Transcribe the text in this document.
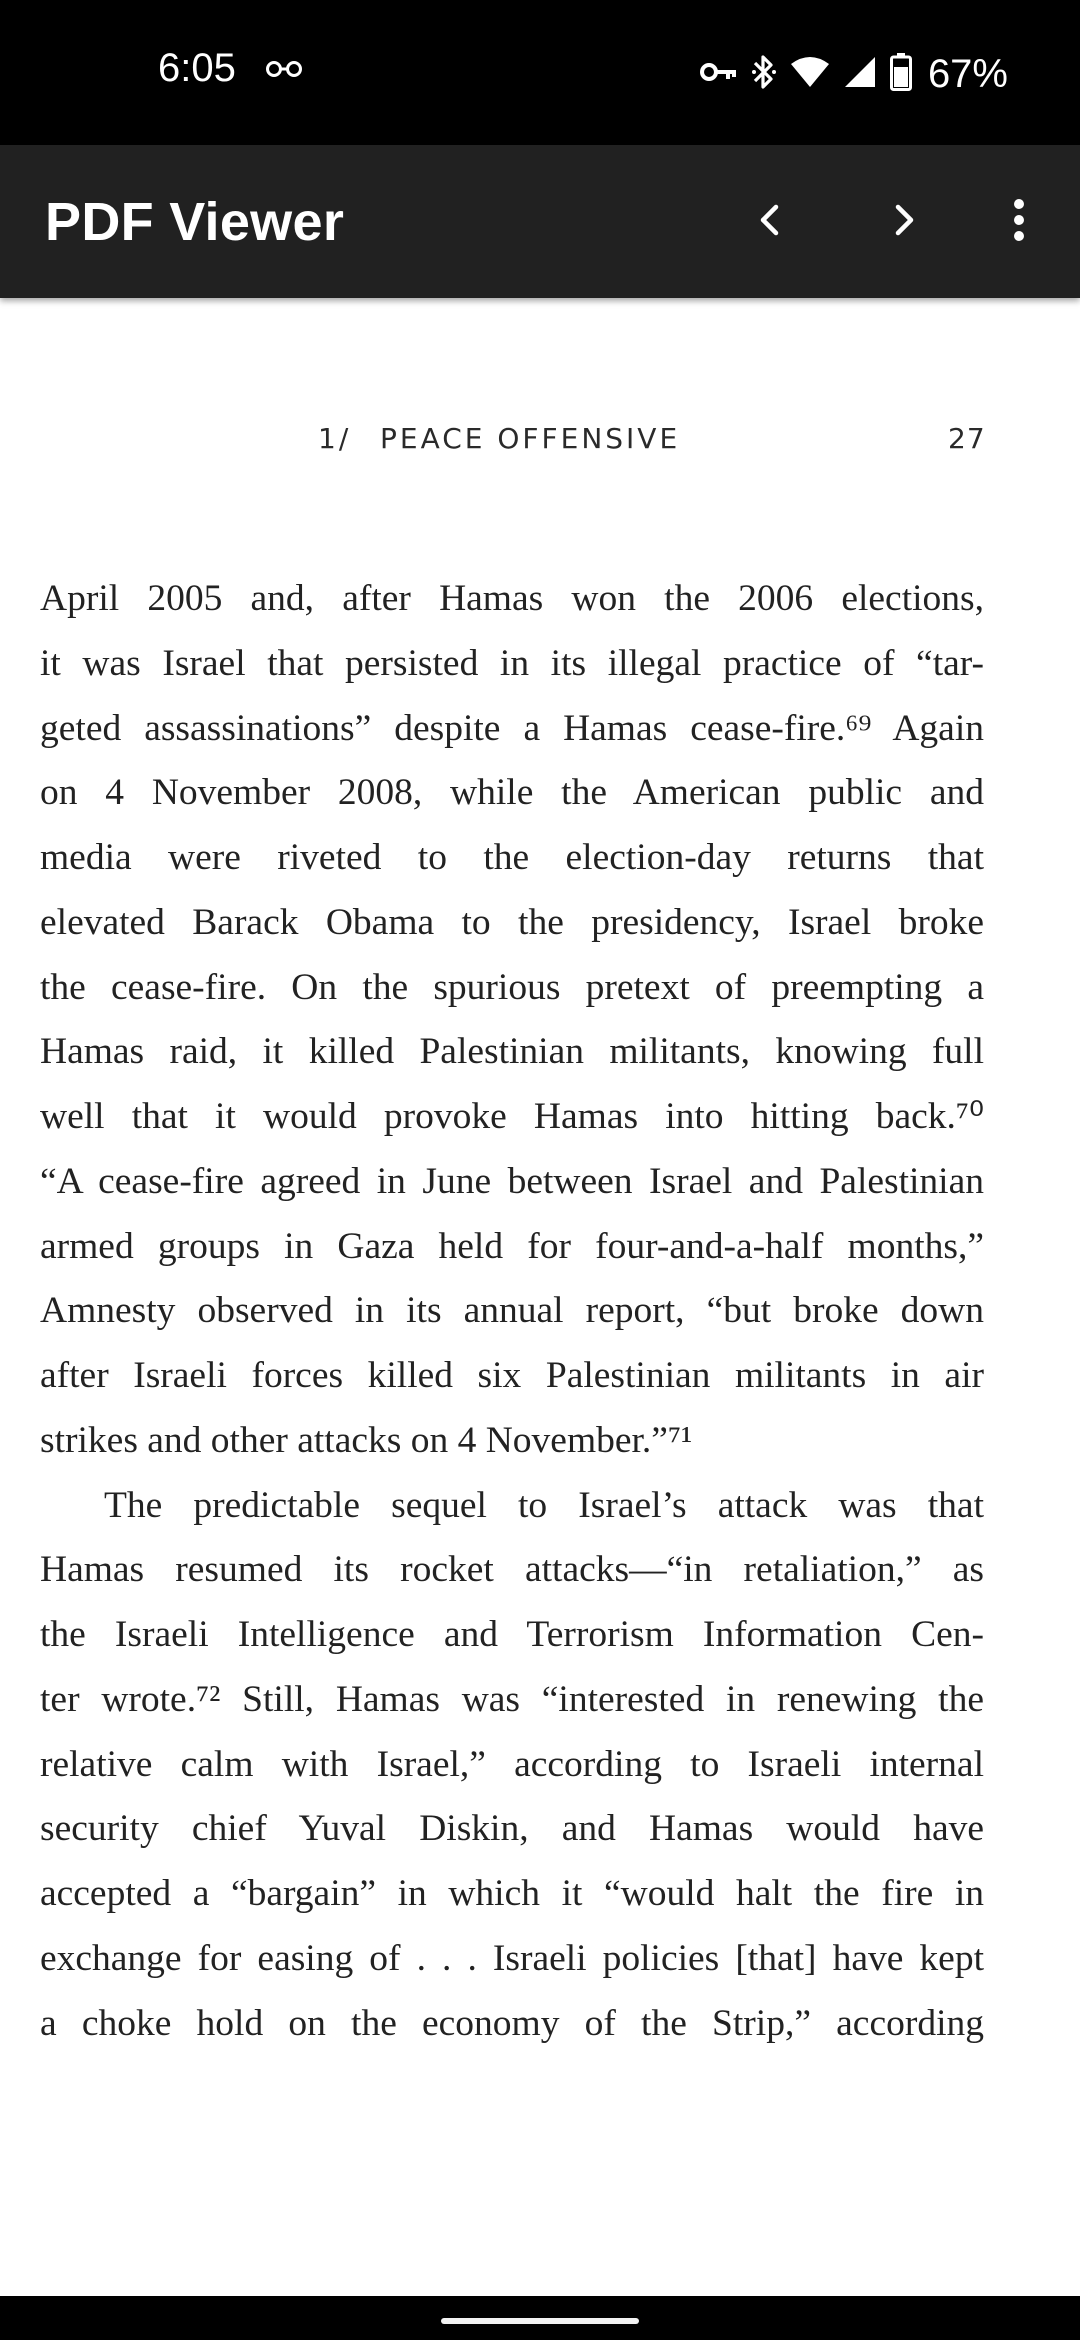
6:05	67%
PDF Viewer
1/ PEACE OFFENSIVE	27
April 2005 and, after Hamas won the 2006 elections,
it was Israel that persisted in its illegal practice of “tar-
geted assassinations” despite a Hamas cease-fire.⁶⁹ Again
on 4 November 2008, while the American public and
media were riveted to the election-day returns that
elevated Barack Obama to the presidency, Israel broke
the cease-fire. On the spurious pretext of preempting a
Hamas raid, it killed Palestinian militants, knowing full
well that it would provoke Hamas into hitting back.⁷⁰
“A cease-fire agreed in June between Israel and Palestinian
armed groups in Gaza held for four-and-a-half months,”
Amnesty observed in its annual report, “but broke down
after Israeli forces killed six Palestinian militants in air
strikes and other attacks on 4 November.”⁷¹
The predictable sequel to Israel’s attack was that
Hamas resumed its rocket attacks—“in retaliation,” as
the Israeli Intelligence and Terrorism Information Cen-
ter wrote.⁷² Still, Hamas was “interested in renewing the
relative calm with Israel,” according to Israeli internal
security chief Yuval Diskin, and Hamas would have
accepted a “bargain” in which it “would halt the fire in
exchange for easing of . . . Israeli policies [that] have kept
a choke hold on the economy of the Strip,” according
